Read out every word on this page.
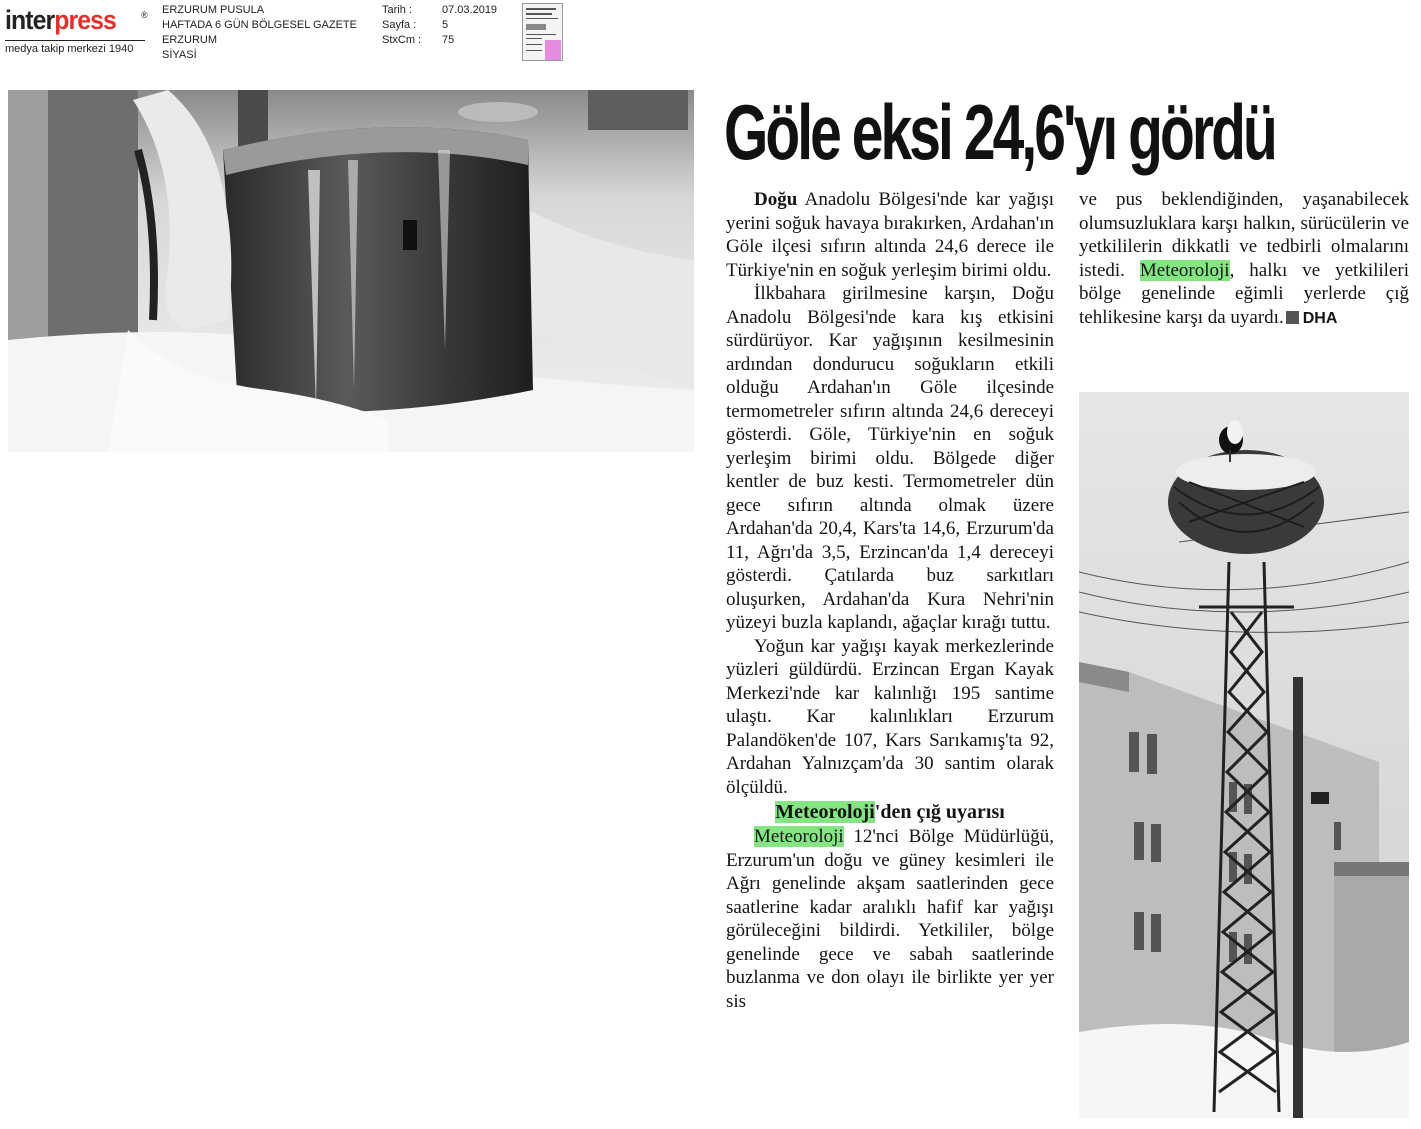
interpress	®
medya takip merkezi 1940
ERZURUM PUSULA
HAFTADA 6 GÜN BÖLGESEL GAZETE
ERZURUM
SİYASİ
Tarih :	07.03.2019
Sayfa :	5
StxCm :	75
Göle eksi 24,6'yı gördü

Doğu Anadolu Bölgesi'nde kar yağışı yerini soğuk havaya bırakırken, Ardahan'ın Göle ilçesi sıfırın altında 24,6 derece ile Türkiye'nin en soğuk yerleşim birimi oldu.

İlkbahara girilmesine karşın, Doğu Anadolu Bölgesi'nde kara kış etkisini sürdürüyor. Kar yağışının kesilmesinin ardından dondurucu soğukların etkili olduğu Ardahan'ın Göle ilçesinde termometreler sıfırın altında 24,6 dereceyi gösterdi. Göle, Türkiye'nin en soğuk yerleşim birimi oldu. Bölgede diğer kentler de buz kesti. Termometreler dün gece sıfırın altında olmak üzere Ardahan'da 20,4, Kars'ta 14,6, Erzurum'da 11, Ağrı'da 3,5, Erzincan'da 1,4 dereceyi gösterdi. Çatılarda buz sarkıtları oluşurken, Ardahan'da Kura Nehri'nin yüzeyi buzla kaplandı, ağaçlar kırağı tuttu.

Yoğun kar yağışı kayak merkezlerinde yüzleri güldürdü. Erzincan Ergan Kayak Merkezi'nde kar kalınlığı 195 santime ulaştı. Kar kalınlıkları Erzurum Palandöken'de 107, Kars Sarıkamış'ta 92, Ardahan Yalnızçam'da 30 santim olarak ölçüldü.

Meteoroloji'den çığ uyarısı

Meteoroloji 12'nci Bölge Müdürlüğü, Erzurum'un doğu ve güney kesimleri ile Ağrı genelinde akşam saatlerinden gece saatlerine kadar aralıklı hafif kar yağışı görüleceğini bildirdi. Yetkililer, bölge genelinde gece ve sabah saatlerinde buzlanma ve don olayı ile birlikte yer yer sis

ve pus beklendiğinden, yaşanabilecek olumsuzluklara karşı halkın, sürücülerin ve yetkililerin dikkatli ve tedbirli olmalarını istedi. Meteoroloji, halkı ve yetkilileri bölge genelinde eğimli yerlerde çığ tehlikesine karşı da uyardı. DHA
